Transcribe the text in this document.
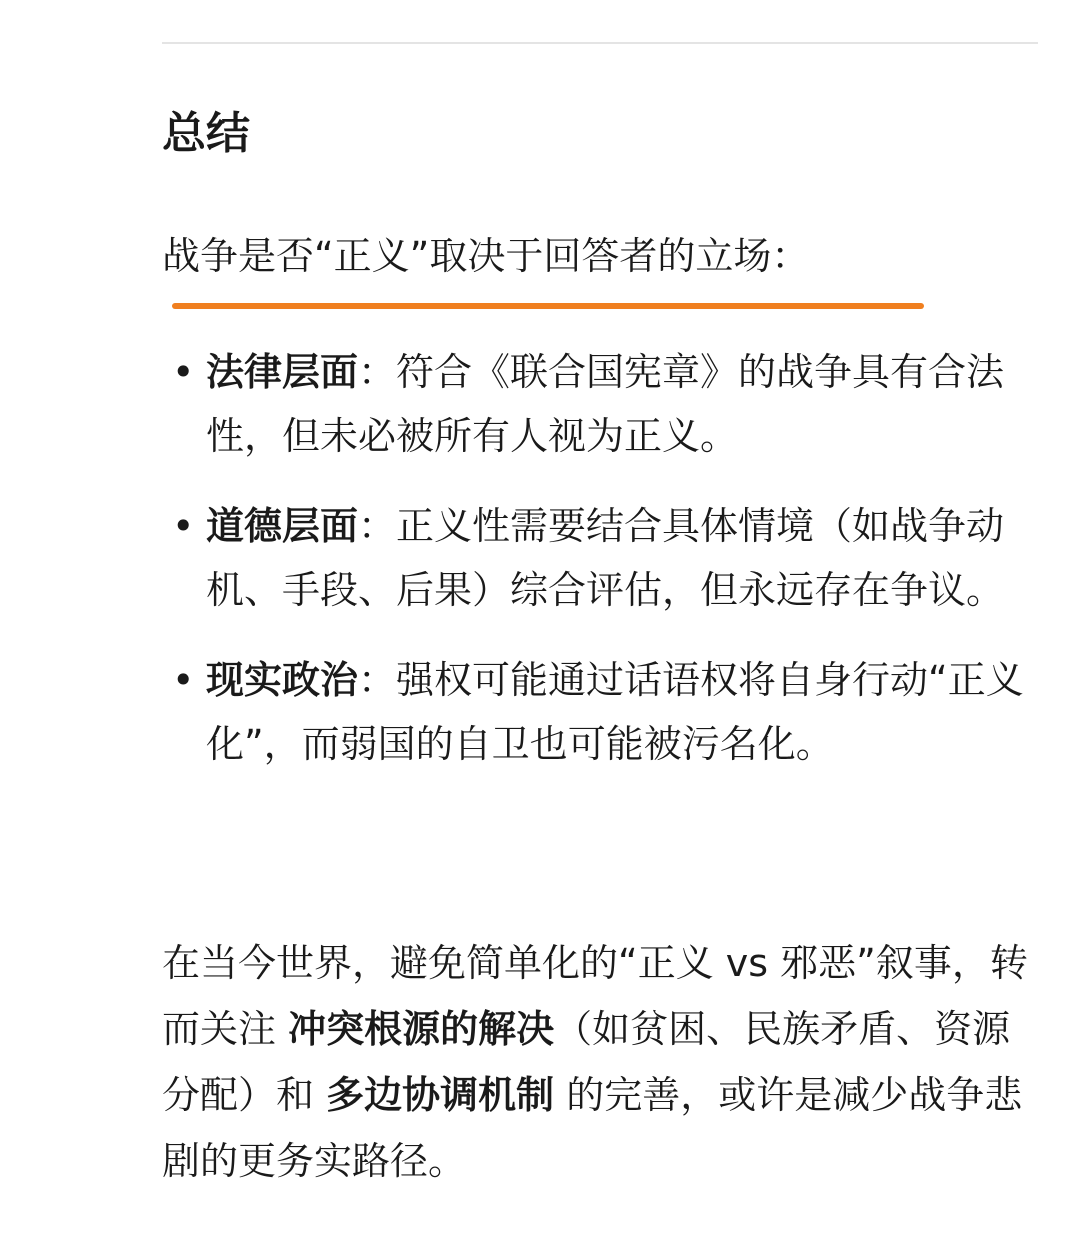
总结

战争是否“正义”取决于回答者的立场：

• 法律层面：符合《联合国宪章》的战争具有合法性，但未必被所有人视为正义。
• 道德层面：正义性需要结合具体情境（如战争动机、手段、后果）综合评估，但永远存在争议。
• 现实政治：强权可能通过话语权将自身行动“正义化”，而弱国的自卫也可能被污名化。

在当今世界，避免简单化的“正义 vs 邪恶”叙事，转而关注 冲突根源的解决（如贫困、民族矛盾、资源分配）和 多边协调机制 的完善，或许是减少战争悲剧的更务实路径。
